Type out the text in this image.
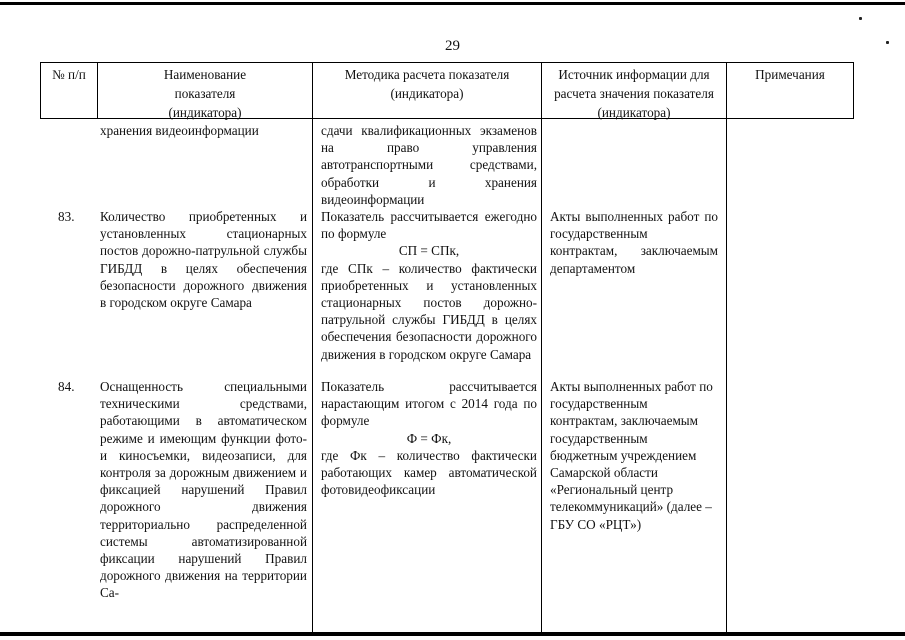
29
№ п/п	Наименование показателя (индикатора)
Методика расчета показателя (индикатора)
Источник информации для расчета значения показателя (индикатора)
Примечания
хранения видеоинформации	сдачи квалификационных экзаменов на право управления автотранспортными средствами, обработки и хранения видеоинформации
83. Количество приобретенных и установленных стационарных постов дорожно-патрульной службы ГИБДД в целях обеспечения безопасности дорожного движения в городском округе Самара
Показатель рассчитывается ежегодно по формуле
СП = СПк,
где СПк – количество фактически приобретенных и установленных стационарных постов дорожно-патрульной службы ГИБДД в целях обеспечения безопасности дорожного движения в городском округе Самара
Акты выполненных работ по государственным контрактам, заключаемым департаментом
84. Оснащенность специальными техническими средствами, работающими в автоматическом режиме и имеющим функции фото- и киносъемки, видеозаписи, для контроля за дорожным движением и фиксацией нарушений Правил дорожного движения территориально распределенной системы автоматизированной фиксации нарушений Правил дорожного движения на территории Са-
Показатель рассчитывается нарастающим итогом с 2014 года по формуле
Ф = Фк,
где Фк – количество фактически работающих камер автоматической фотовидеофиксации
Акты выполненных работ по государственным контрактам, заключаемым государственным бюджетным учреждением Самарской области «Региональный центр телекоммуникаций» (далее – ГБУ СО «РЦТ»)
